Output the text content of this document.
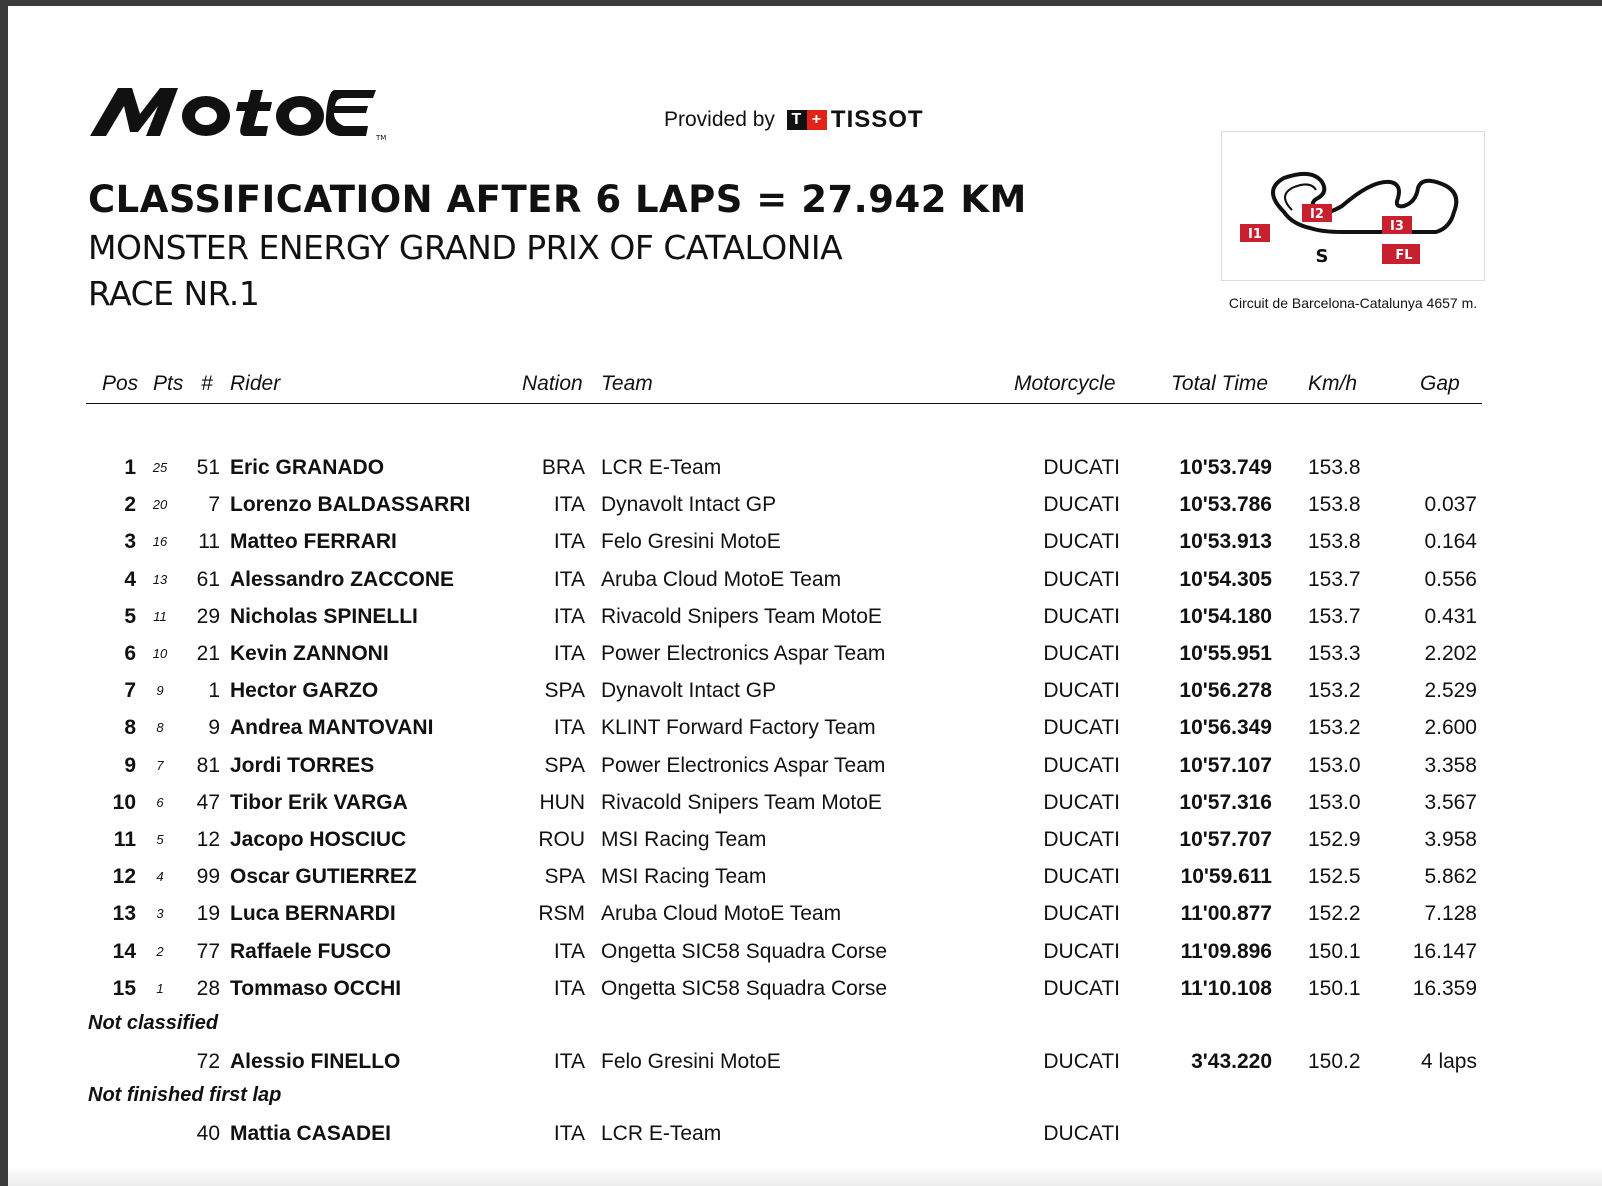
TM
Provided by T + TISSOT
CLASSIFICATION AFTER 6 LAPS = 27.942 KM
MONSTER ENERGY GRAND PRIX OF CATALONIA
RACE NR.1
I1
I2
I3
S	FL
Circuit de Barcelona-Catalunya 4657 m.
Pos Pts # Rider	Nation Team	Motorcycle	Total Time Km/h	Gap
1	25	51 Eric GRANADO	BRA LCR E-Team	DUCATI	10'53.749 153.8
2	20	7 Lorenzo BALDASSARRI	ITA Dynavolt Intact GP	DUCATI	10'53.786 153.8	0.037
3	16	11 Matteo FERRARI	ITA Felo Gresini MotoE	DUCATI	10'53.913 153.8	0.164
4	13	61 Alessandro ZACCONE	ITA Aruba Cloud MotoE Team	DUCATI	10'54.305 153.7	0.556
5	11	29 Nicholas SPINELLI	ITA Rivacold Snipers Team MotoE	DUCATI	10'54.180 153.7	0.431
6	10	21 Kevin ZANNONI	ITA Power Electronics Aspar Team	DUCATI	10'55.951 153.3	2.202
7	9	1 Hector GARZO	SPA Dynavolt Intact GP	DUCATI	10'56.278 153.2	2.529
8	8	9 Andrea MANTOVANI	ITA KLINT Forward Factory Team	DUCATI	10'56.349 153.2	2.600
9	7	81 Jordi TORRES	SPA Power Electronics Aspar Team	DUCATI	10'57.107 153.0	3.358
10	6	47 Tibor Erik VARGA	HUN Rivacold Snipers Team MotoE	DUCATI	10'57.316 153.0	3.567
11	5	12 Jacopo HOSCIUC	ROU MSI Racing Team	DUCATI	10'57.707 152.9	3.958
12	4	99 Oscar GUTIERREZ	SPA MSI Racing Team	DUCATI	10'59.611 152.5	5.862
13	3	19 Luca BERNARDI	RSM Aruba Cloud MotoE Team	DUCATI	11'00.877 152.2	7.128
14	2	77 Raffaele FUSCO	ITA Ongetta SIC58 Squadra Corse	DUCATI	11'09.896 150.1	16.147
15	1	28 Tommaso OCCHI	ITA Ongetta SIC58 Squadra Corse	DUCATI	11'10.108 150.1	16.359
Not classified
72 Alessio FINELLO	ITA Felo Gresini MotoE	DUCATI	3'43.220 150.2	4 laps
Not finished first lap
40 Mattia CASADEI	ITA LCR E-Team	DUCATI
